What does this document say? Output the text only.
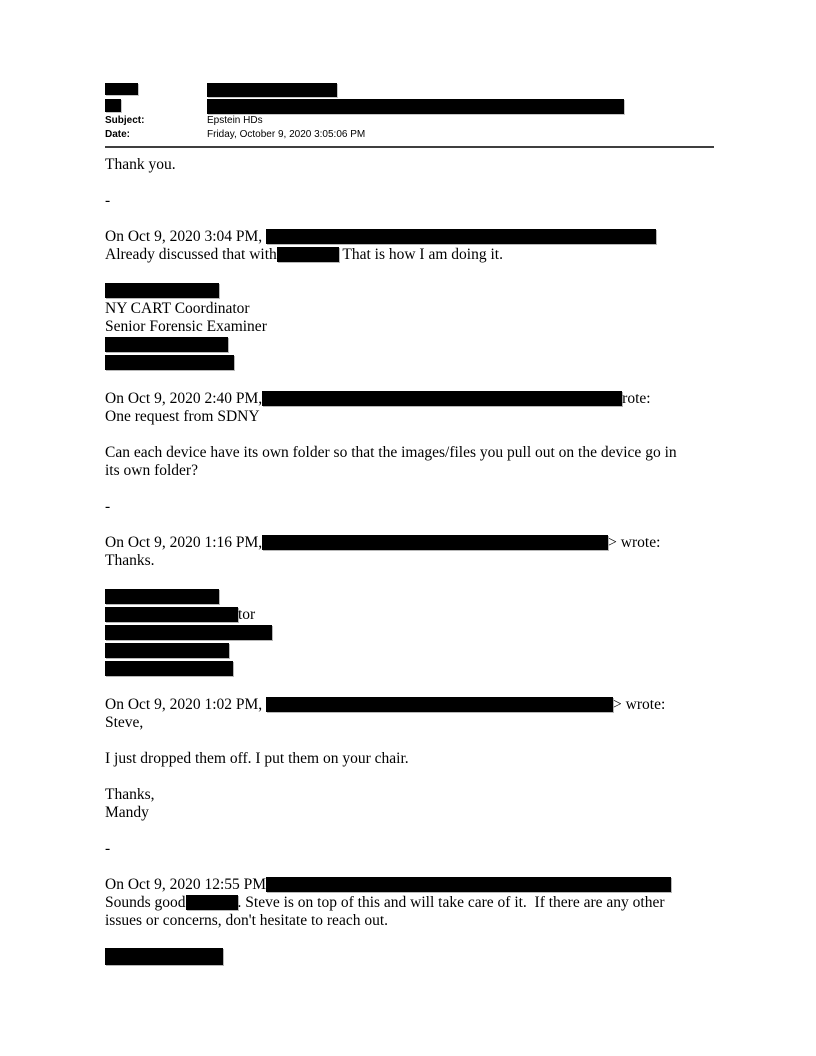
Subject:	Epstein HDs
Date:	Friday, October 9, 2020 3:05:06 PM
Thank you.
-
On Oct 9, 2020 3:04 PM,
Already discussed that with	That is how I am doing it.
NY CART Coordinator
Senior Forensic Examiner
On Oct 9, 2020 2:40 PM,	rote:
One request from SDNY
Can each device have its own folder so that the images/files you pull out on the device go in
its own folder?
-
On Oct 9, 2020 1:16 PM,	> wrote:
Thanks.
tor
On Oct 9, 2020 1:02 PM,	> wrote:
Steve,
I just dropped them off. I put them on your chair.
Thanks,
Mandy
-
On Oct 9, 2020 12:55 PM
Sounds good	. Steve is on top of this and will take care of it.  If there are any other
issues or concerns, don't hesitate to reach out.
